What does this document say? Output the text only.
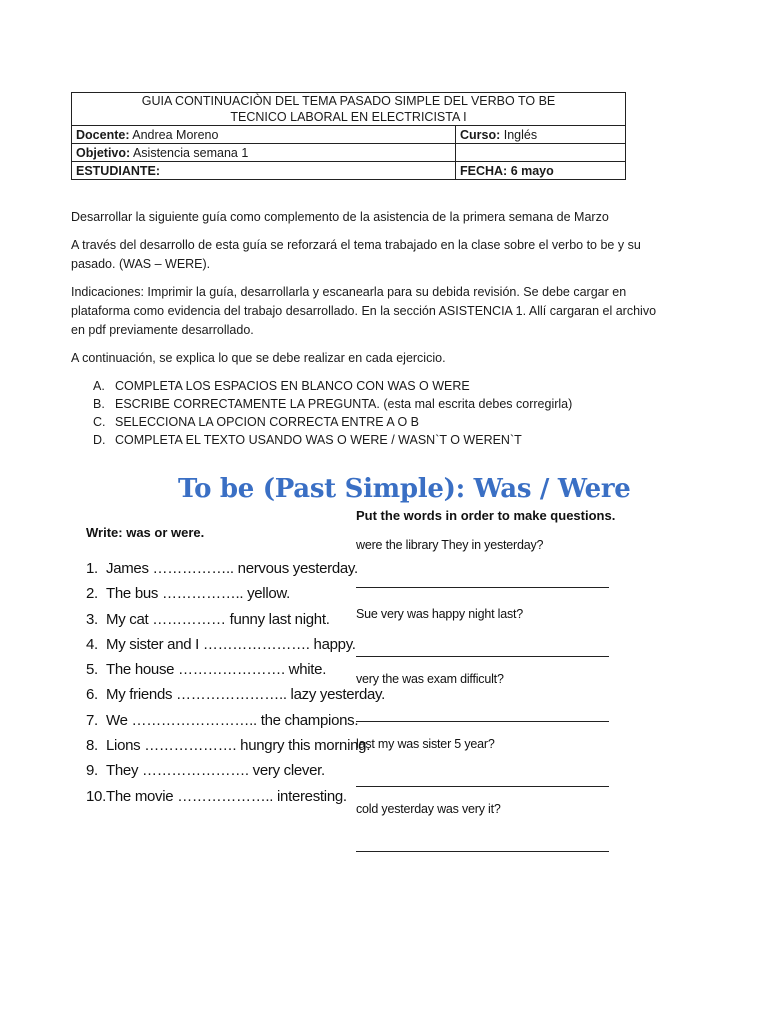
GUIA CONTINUACIÒN DEL TEMA PASADO SIMPLE DEL VERBO TO BE
TECNICO LABORAL EN ELECTRICISTA I	

Docente: Andrea Moreno	Curso: Inglés
Objetivo: Asistencia semana 1	
ESTUDIANTE:	FECHA: 6 mayo

Desarrollar la siguiente guía como complemento de la asistencia de la primera semana de Marzo

A través del desarrollo de esta guía se reforzará el tema trabajado en la clase sobre el verbo to be y su pasado. (WAS – WERE).

Indicaciones: Imprimir la guía, desarrollarla y escanearla para su debida revisión. Se debe cargar en plataforma como evidencia del trabajo desarrollado. En la sección ASISTENCIA 1. Allí cargaran el archivo en pdf previamente desarrollado.

A continuación, se explica lo que se debe realizar en cada ejercicio.

A. COMPLETA LOS ESPACIOS EN BLANCO CON WAS O WERE
B. ESCRIBE CORRECTAMENTE LA PREGUNTA. (esta mal escrita debes corregirla)
C. SELECCIONA LA OPCION CORRECTA ENTRE A O B
D. COMPLETA EL TEXTO USANDO WAS O WERE / WASN`T O WEREN`T
To be (Past Simple): Was / Were
Write: was or were.
Put the words in order to make questions.
1. James …………….. nervous yesterday.
2. The bus …………….. yellow.
3. My cat …………… funny last night.
4. My sister and I …………………. happy.
5. The house …………………. white.
6. My friends ………………….. lazy yesterday.
7. We …………………….. the champions.
8. Lions ………………. hungry this morning.
9. They …………………. very clever.
10.The movie ……………….. interesting.
were the library They in yesterday?
Sue very was happy night last?
very the was exam difficult?
last my was sister 5 year?
cold yesterday was very it?
